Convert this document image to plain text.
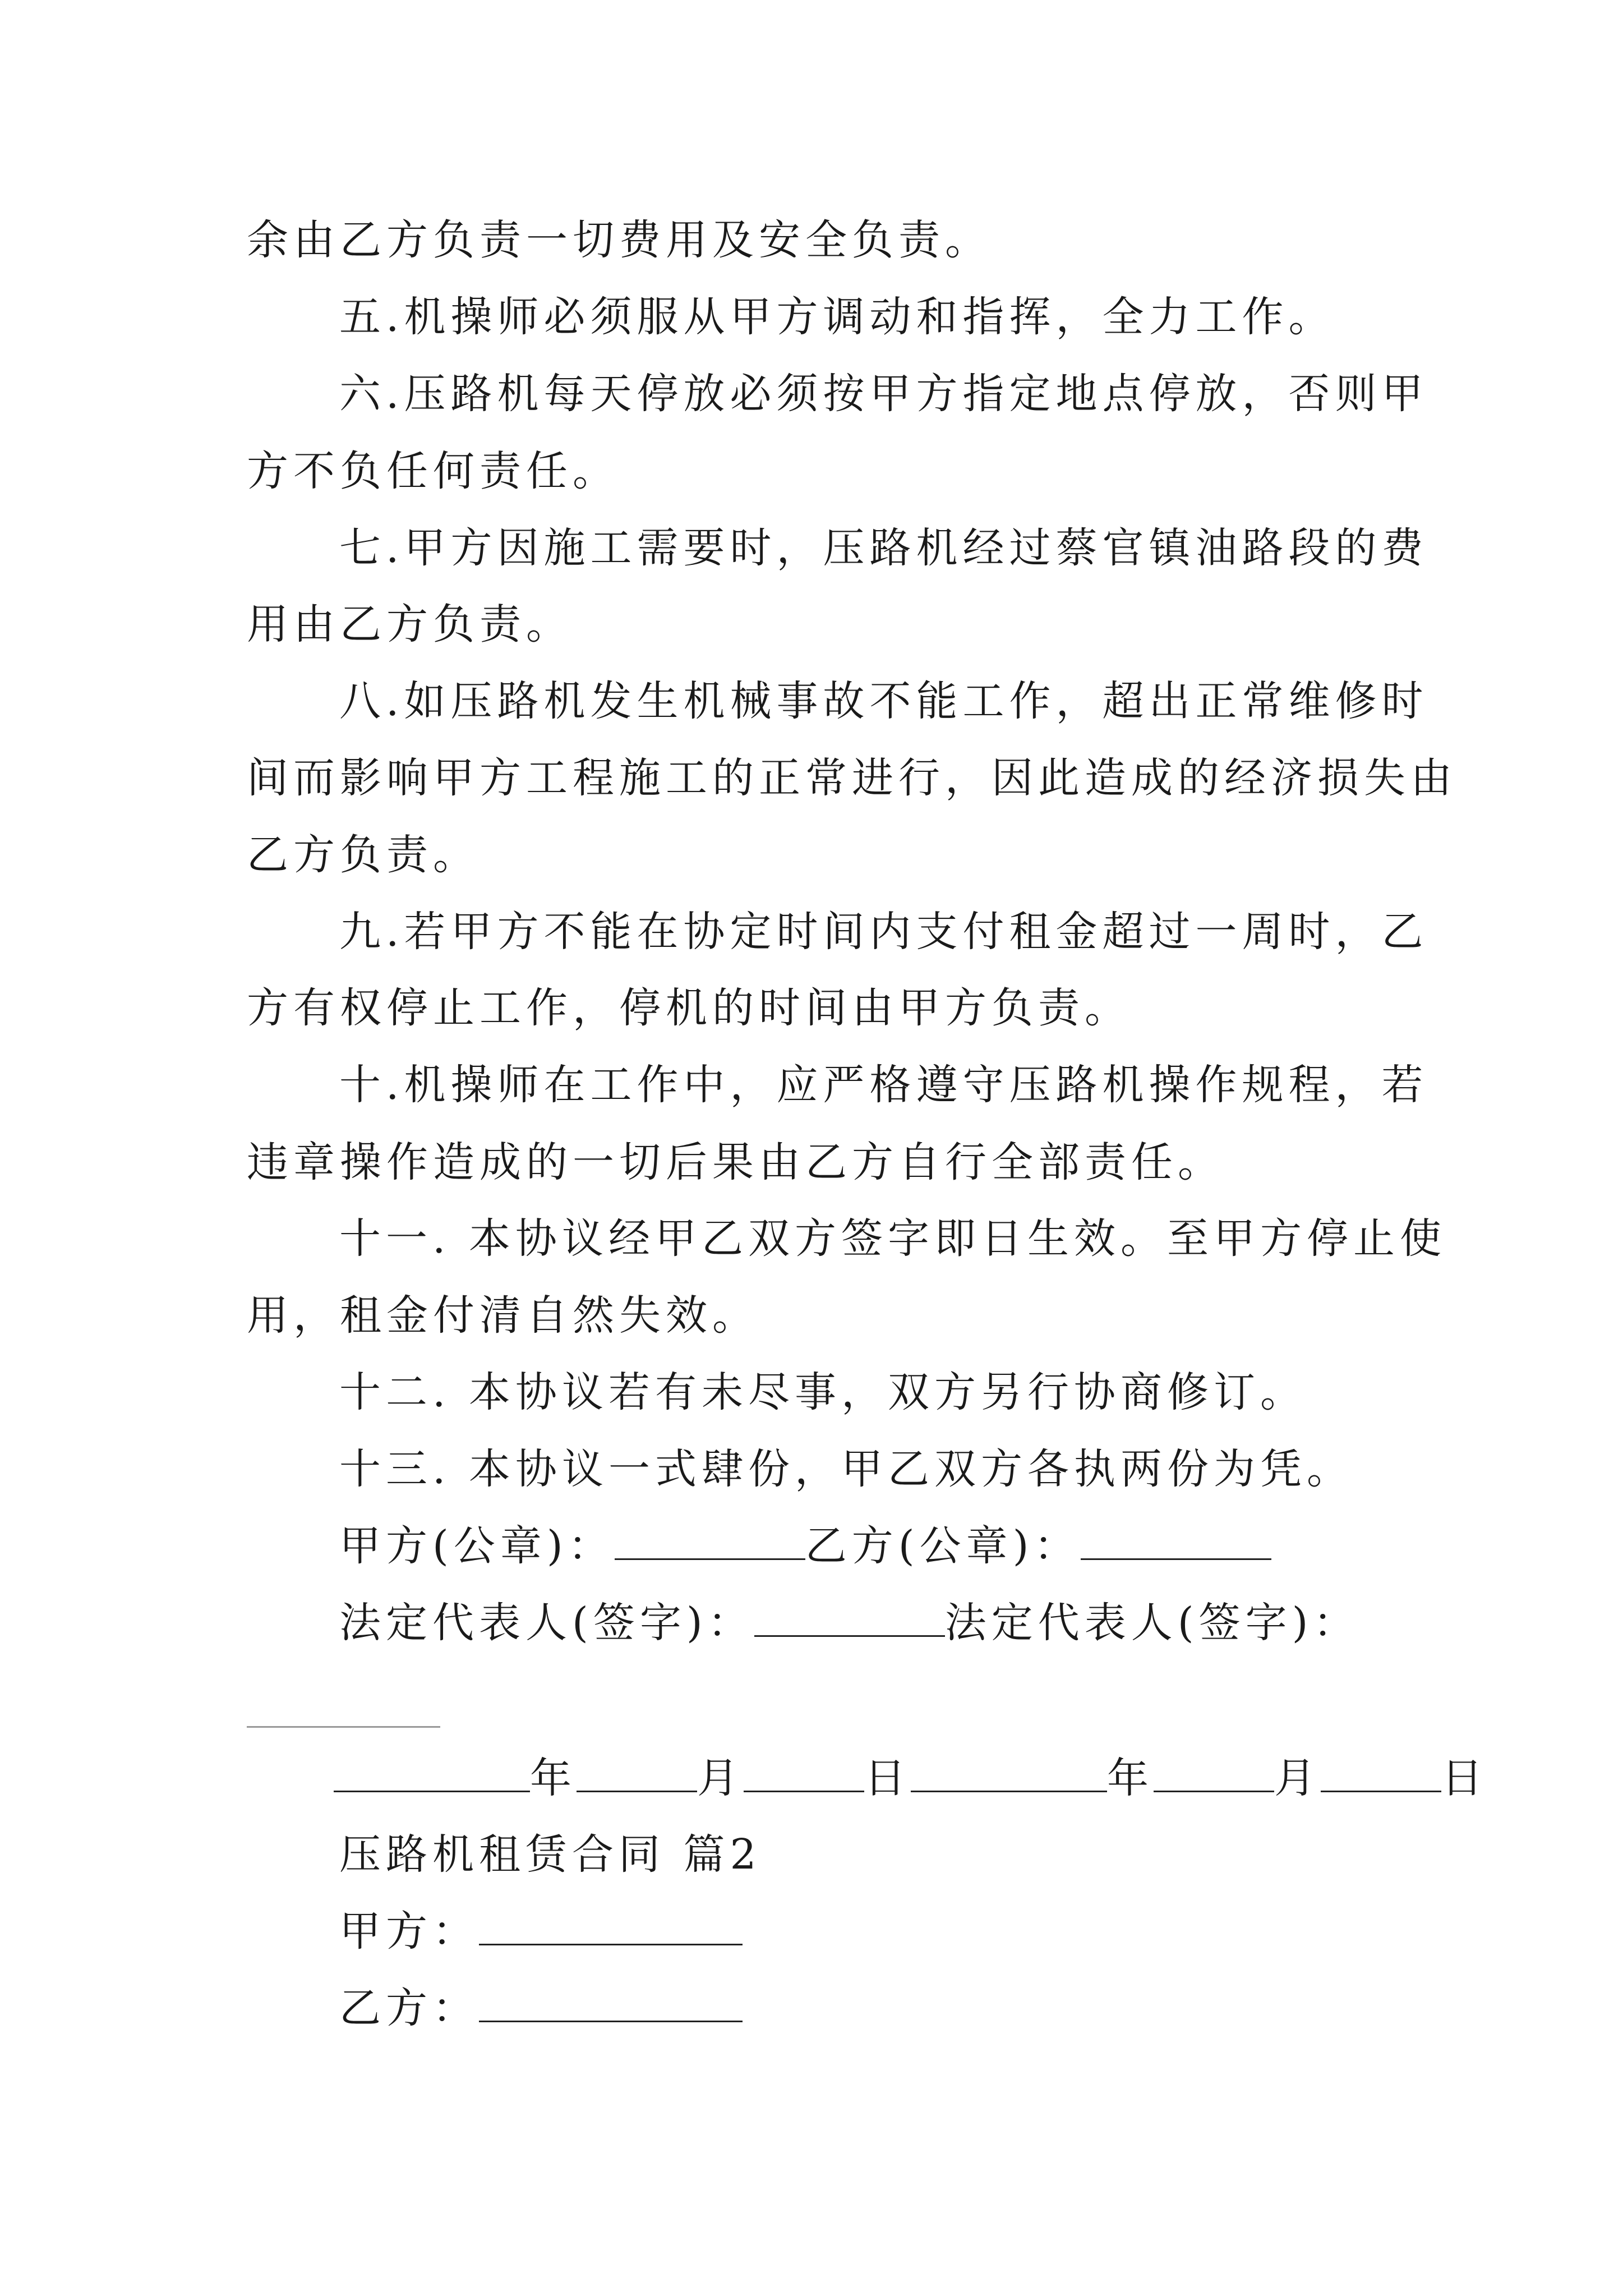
余由乙方负责一切费用及安全负责。
五.机操师必须服从甲方调动和指挥，全力工作。
六.压路机每天停放必须按甲方指定地点停放，否则甲
方不负任何责任。
七.甲方因施工需要时，压路机经过蔡官镇油路段的费
用由乙方负责。
八.如压路机发生机械事故不能工作，超出正常维修时
间而影响甲方工程施工的正常进行，因此造成的经济损失由
乙方负责。
九.若甲方不能在协定时间内支付租金超过一周时，乙
方有权停止工作，停机的时间由甲方负责。
十.机操师在工作中，应严格遵守压路机操作规程，若
违章操作造成的一切后果由乙方自行全部责任。
十一. 本协议经甲乙双方签字即日生效。至甲方停止使
用，租金付清自然失效。
十二. 本协议若有未尽事，双方另行协商修订。
十三. 本协议一式肆份，甲乙双方各执两份为凭。
甲方(公章)：	乙方(公章)：
法定代表人(签字)：	法定代表人(签字)：
年	月	日	年	月	日
压路机租赁合同 篇2
甲方：
乙方：
